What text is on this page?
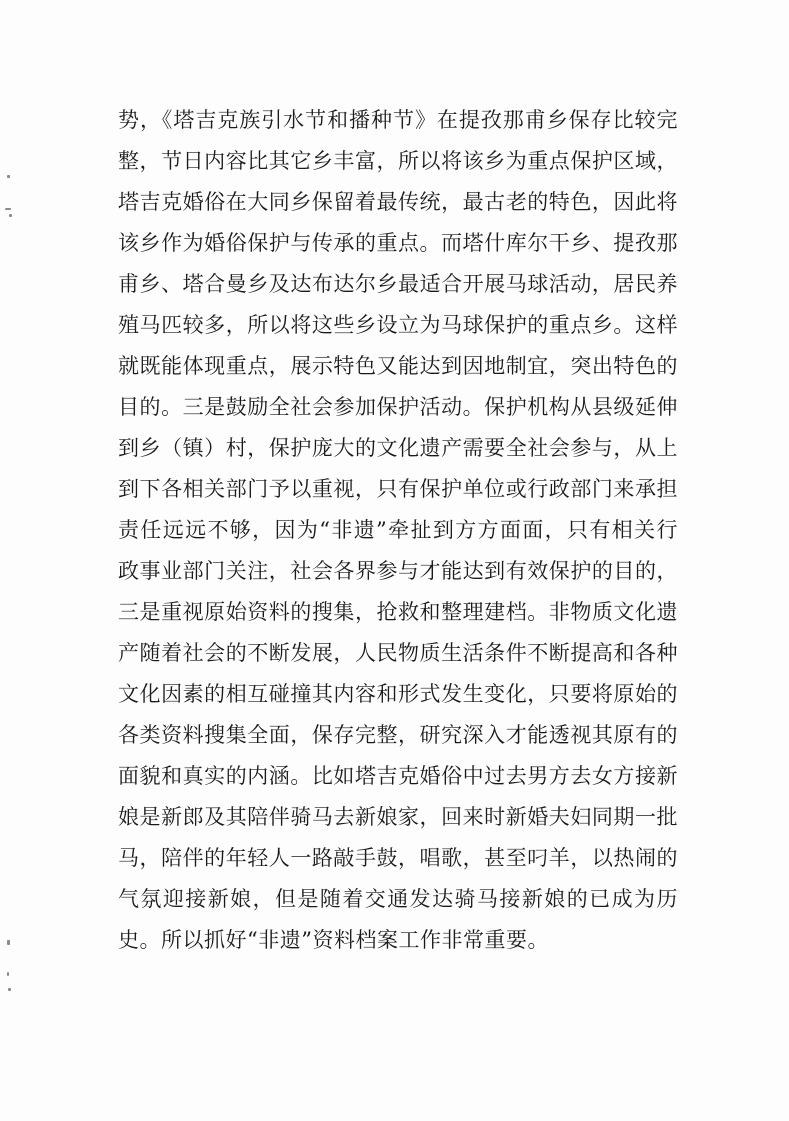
势，《塔吉克族引水节和播种节》在提孜那甫乡保存比较完
整，节日内容比其它乡丰富，所以将该乡为重点保护区域，
塔吉克婚俗在大同乡保留着最传统，最古老的特色，因此将
该乡作为婚俗保护与传承的重点。而塔什库尔干乡、提孜那
甫乡、塔合曼乡及达布达尔乡最适合开展马球活动，居民养
殖马匹较多，所以将这些乡设立为马球保护的重点乡。这样
就既能体现重点，展示特色又能达到因地制宜，突出特色的
目的。三是鼓励全社会参加保护活动。保护机构从县级延伸
到乡（镇）村，保护庞大的文化遗产需要全社会参与，从上
到下各相关部门予以重视，只有保护单位或行政部门来承担
责任远远不够，因为“非遗”牵扯到方方面面，只有相关行
政事业部门关注，社会各界参与才能达到有效保护的目的，
三是重视原始资料的搜集，抢救和整理建档。非物质文化遗
产随着社会的不断发展，人民物质生活条件不断提高和各种
文化因素的相互碰撞其内容和形式发生变化，只要将原始的
各类资料搜集全面，保存完整，研究深入才能透视其原有的
面貌和真实的内涵。比如塔吉克婚俗中过去男方去女方接新
娘是新郎及其陪伴骑马去新娘家，回来时新婚夫妇同期一批
马，陪伴的年轻人一路敲手鼓，唱歌，甚至叼羊，以热闹的
气氛迎接新娘，但是随着交通发达骑马接新娘的已成为历
史。所以抓好“非遗”资料档案工作非常重要。
